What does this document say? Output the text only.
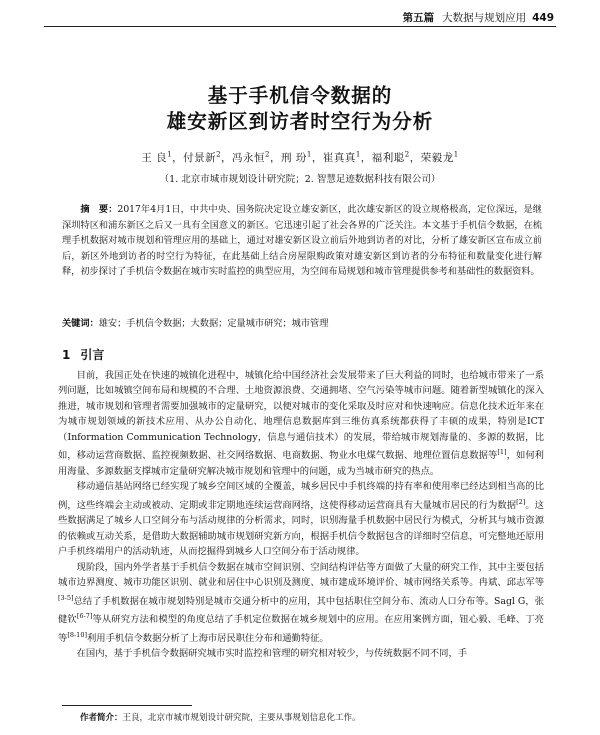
第五篇 大数据与规划应用 449
基于手机信令数据的
雄安新区到访者时空行为分析
王 良$^1$，付景新$^2$，冯永恒$^2$，刑 玢$^1$，崔真真$^1$，福利聪$^2$，荣毅龙$^1$
（1. 北京市城市规划设计研究院；2. 智慧足迹数据科技有限公司）
摘　要：2017年4月1日，中共中央、国务院决定设立雄安新区，此次雄安新区的设立规格极高，定位深远，是继深圳特区和浦东新区之后又一具有全国意义的新区。它迅速引起了社会各界的广泛关注。本文基于手机信令数据，在梳理手机数据对城市规划和管理应用的基础上，通过对雄安新区设立前后外地到访者的对比，分析了雄安新区宣布成立前后，新区外地到访者的时空行为特征，在此基础上结合房屋限购政策对雄安新区到访者的分布特征和数量变化进行解释，初步探讨了手机信令数据在城市实时监控的典型应用，为空间布局规划和城市管理提供参考和基础性的数据资料。
关键词：雄安；手机信令数据；大数据；定量城市研究；城市管理
1 引言

目前，我国正处在快速的城镇化进程中，城镇化给中国经济社会发展带来了巨大利益的同时，也给城市带来了一系列问题，比如城镇空间布局和规模的不合理、土地资源浪费、交通拥堵、空气污染等城市问题。随着新型城镇化的深入推进，城市规划和管理者需要加强城市的定量研究，以便对城市的变化采取及时应对和快速响应。信息化技术近年来在为城市规划领域的新技术应用、从办公自动化、地理信息数据库到三维仿真系统都获得了丰硕的成果，特别是ICT（Information Communication Technology，信息与通信技术）的发展，带给城市规划海量的、多源的数据，比如，移动运营商数据、监控视频数据、社交网络数据、电商数据、物业水电煤气数据、地理位置信息数据等[1]，如何利用海量、多源数据支撑城市定量研究解决城市规划和管理中的问题，成为当城市研究的热点。

移动通信基站网络已经实现了城乡空间区域的全覆盖，城乡居民中手机终端的持有率和使用率已经达到相当高的比例，这些终端会主动或被动、定期或非定期地连续运营商网络，这使得移动运营商具有大量城市居民的行为数据[2]。这些数据满足了城乡人口空间分布与活动规律的分析需求，同时，识别海量手机数据中居民行为模式，分析其与城市资源的依赖或互动关系，是借助大数据辅助城市规划研究新方向，根据手机信令数据包含的详细时空信息，可完整地还原用户手机终端用户的活动轨迹，从而挖掘得到城乡人口空间分布于活动规律。

现阶段，国内外学者基于手机信令数据在城市空间识别、空间结构评估等方面做了大量的研究工作，其中主要包括城市边界测度、城市功能区识别、就业和居住中心识别及测度、城市建成环境评价、城市网络关系等。冉斌、邱志军等[3-5]总结了手机数据在城市规划特别是城市交通分析中的应用，其中包括职住空间分布、流动人口分布等。Sagl G，张健钦[6-7]等从研究方法和模型的角度总结了手机定位数据在城乡规划中的应用。在应用案例方面，钮心毅、毛峰、丁亮等[8-10]利用手机信令数据分析了上海市居民职住分布和通勤特征。

在国内，基于手机信令数据研究城市实时监控和管理的研究相对较少，与传统数据不同不同，手

作者简介：王良，北京市城市规划设计研究院，主要从事规划信息化工作。
